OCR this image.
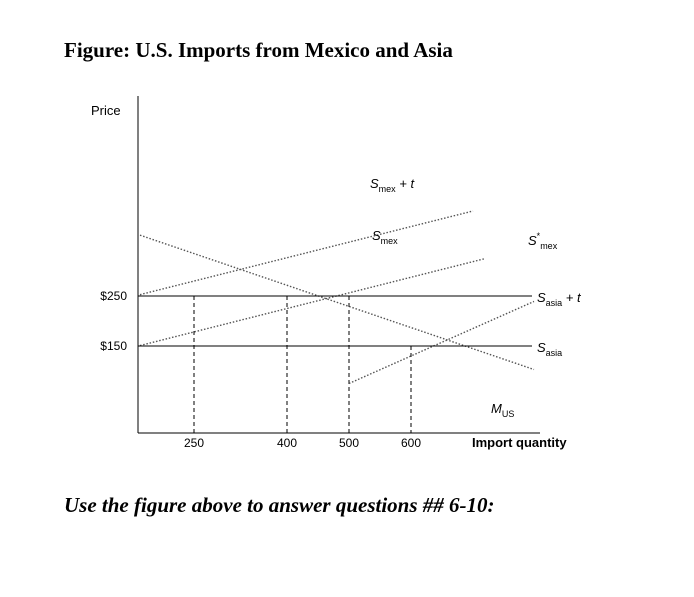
Figure: U.S. Imports from Mexico and Asia
Price
Import quantity
250	400	500	600
$150
$250
$S_{mex} + t$
$S_{mex}$	$S^*_{mex}$
$M_{US}$
$S_{asia} + t$
$S_{asia}$
Use the figure above to answer questions ## 6-10:
